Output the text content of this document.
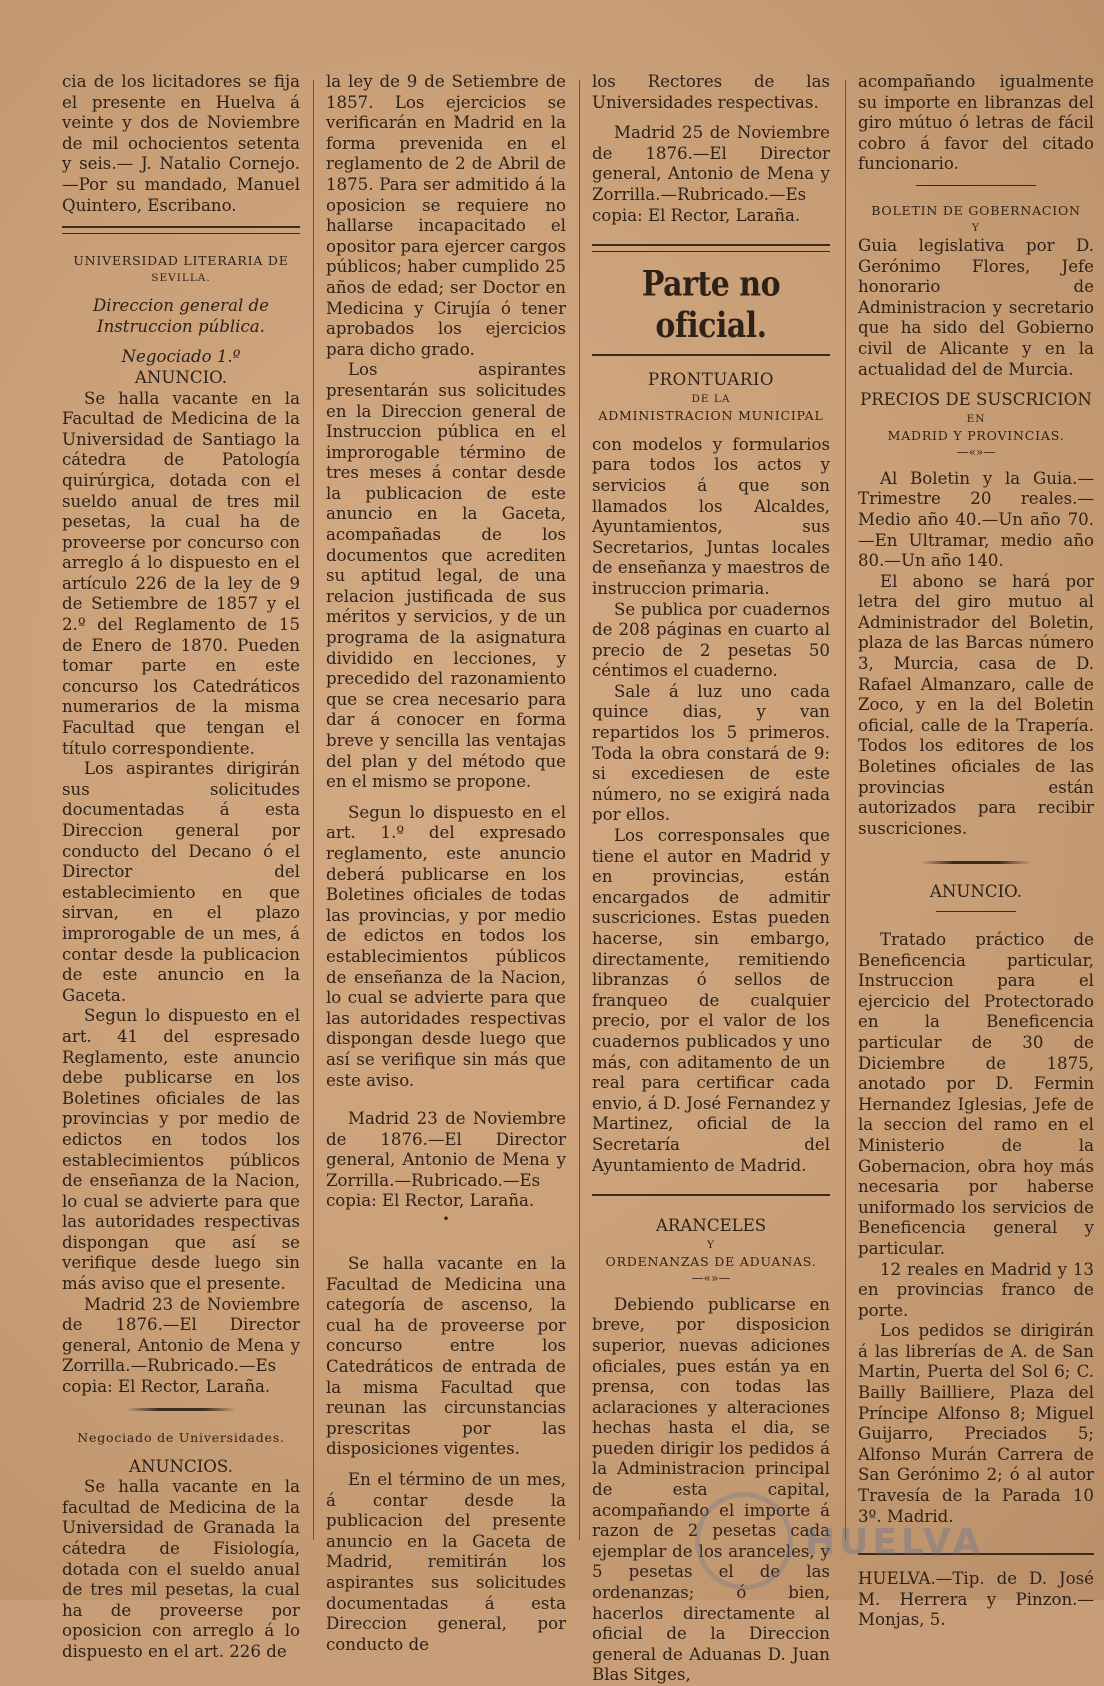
cia de los licitadores se fija el presente en Huelva á veinte y dos de Noviembre de mil ochocientos setenta y seis.— J. Natalio Cornejo.—Por su mandado, Manuel Quintero, Escribano.

UNIVERSIDAD LITERARIA DE

SEVILLA.

Direccion general de Instruccion pública.

Negociado 1.º

ANUNCIO.

Se halla vacante en la Facultad de Medicina de la Universidad de Santiago la cátedra de Patología quirúrgica, dotada con el sueldo anual de tres mil pesetas, la cual ha de proveerse por concurso con arreglo á lo dispuesto en el artículo 226 de la ley de 9 de Setiembre de 1857 y el 2.º del Reglamento de 15 de Enero de 1870. Pueden tomar parte en este concurso los Catedráticos numerarios de la misma Facultad que tengan el título correspondiente.

Los aspirantes dirigirán sus solicitudes documentadas á esta Direccion general por conducto del Decano ó el Director del establecimiento en que sirvan, en el plazo improrogable de un mes, á contar desde la publicacion de este anuncio en la Gaceta.

Segun lo dispuesto en el art. 41 del espresado Reglamento, este anuncio debe publicarse en los Boletines oficiales de las provincias y por medio de edictos en todos los establecimientos públicos de enseñanza de la Nacion, lo cual se advierte para que las autoridades respectivas dispongan que así se verifique desde luego sin más aviso que el presente.

Madrid 23 de Noviembre de 1876.—El Director general, Antonio de Mena y Zorrilla.—Rubricado.—Es copia: El Rector, Laraña.

Negociado de Universidades.

ANUNCIOS.

Se halla vacante en la facultad de Medicina de la Universidad de Granada la cátedra de Fisiología, dotada con el sueldo anual de tres mil pesetas, la cual ha de proveerse por oposicion con arreglo á lo dispuesto en el art. 226 de

la ley de 9 de Setiembre de 1857. Los ejercicios se verificarán en Madrid en la forma prevenida en el reglamento de 2 de Abril de 1875. Para ser admitido á la oposicion se requiere no hallarse incapacitado el opositor para ejercer cargos públicos; haber cumplido 25 años de edad; ser Doctor en Medicina y Cirujía ó tener aprobados los ejercicios para dicho grado.

Los aspirantes presentarán sus solicitudes en la Direccion general de Instruccion pública en el improrogable término de tres meses á contar desde la publicacion de este anuncio en la Gaceta, acompañadas de los documentos que acrediten su aptitud legal, de una relacion justificada de sus méritos y servicios, y de un programa de la asignatura dividido en lecciones, y precedido del razonamiento que se crea necesario para dar á conocer en forma breve y sencilla las ventajas del plan y del método que en el mismo se propone.

Segun lo dispuesto en el art. 1.º del expresado reglamento, este anuncio deberá publicarse en los Boletines oficiales de todas las provincias, y por medio de edictos en todos los establecimientos públicos de enseñanza de la Nacion, lo cual se advierte para que las autoridades respectivas dispongan desde luego que así se verifique sin más que este aviso.

Madrid 23 de Noviembre de 1876.—El Director general, Antonio de Mena y Zorrilla.—Rubricado.—Es copia: El Rector, Laraña.

•

Se halla vacante en la Facultad de Medicina una categoría de ascenso, la cual ha de proveerse por concurso entre los Catedráticos de entrada de la misma Facultad que reunan las circunstancias prescritas por las disposiciones vigentes.

En el término de un mes, á contar desde la publicacion del presente anuncio en la Gaceta de Madrid, remitirán los aspirantes sus solicitudes documentadas á esta Direccion general, por conducto de

los Rectores de las Universidades respectivas.

Madrid 25 de Noviembre de 1876.—El Director general, Antonio de Mena y Zorrilla.—Rubricado.—Es copia: El Rector, Laraña.

Parte no oficial.

PRONTUARIO

DE LA

ADMINISTRACION MUNICIPAL

con modelos y formularios para todos los actos y servicios á que son llamados los Alcaldes, Ayuntamientos, sus Secretarios, Juntas locales de enseñanza y maestros de instruccion primaria.

Se publica por cuadernos de 208 páginas en cuarto al precio de 2 pesetas 50 céntimos el cuaderno.

Sale á luz uno cada quince dias, y van repartidos los 5 primeros. Toda la obra constará de 9: si excediesen de este número, no se exigirá nada por ellos.

Los corresponsales que tiene el autor en Madrid y en provincias, están encargados de admitir suscriciones. Estas pueden hacerse, sin embargo, directamente, remitiendo libranzas ó sellos de franqueo de cualquier precio, por el valor de los cuadernos publicados y uno más, con aditamento de un real para certificar cada envio, á D. José Fernandez y Martinez, oficial de la Secretaría del Ayuntamiento de Madrid.

ARANCELES

Y

ORDENANZAS DE ADUANAS.

—«»—

Debiendo publicarse en breve, por disposicion superior, nuevas adiciones oficiales, pues están ya en prensa, con todas las aclaraciones y alteraciones hechas hasta el dia, se pueden dirigir los pedidos á la Administracion principal de esta capital, acompañando el importe á razon de 2 pesetas cada ejemplar de los aranceles, y 5 pesetas el de las ordenanzas; ó bien, hacerlos directamente al oficial de la Direccion general de Aduanas D. Juan Blas Sitges,

acompañando igualmente su importe en libranzas del giro mútuo ó letras de fácil cobro á favor del citado funcionario.

BOLETIN DE GOBERNACION

Y

Guia legislativa por D. Gerónimo Flores, Jefe honorario de Administracion y secretario que ha sido del Gobierno civil de Alicante y en la actualidad del de Murcia.

PRECIOS DE SUSCRICION

EN

MADRID Y PROVINCIAS.

—«»—

Al Boletin y la Guia.—Trimestre 20 reales.—Medio año 40.—Un año 70.—En Ultramar, medio año 80.—Un año 140.

El abono se hará por letra del giro mutuo al Administrador del Boletin, plaza de las Barcas número 3, Murcia, casa de D. Rafael Almanzaro, calle de Zoco, y en la del Boletin oficial, calle de la Trapería. Todos los editores de los Boletines oficiales de las provincias están autorizados para recibir suscriciones.

ANUNCIO.

Tratado práctico de Beneficencia particular, Instruccion para el ejercicio del Protectorado en la Beneficencia particular de 30 de Diciembre de 1875, anotado por D. Fermin Hernandez Iglesias, Jefe de la seccion del ramo en el Ministerio de la Gobernacion, obra hoy más necesaria por haberse uniformado los servicios de Beneficencia general y particular.

12 reales en Madrid y 13 en provincias franco de porte.

Los pedidos se dirigirán á las librerías de A. de San Martin, Puerta del Sol 6; C. Bailly Bailliere, Plaza del Príncipe Alfonso 8; Miguel Guijarro, Preciados 5; Alfonso Murán Carrera de San Gerónimo 2; ó al autor Travesía de la Parada 10 3º. Madrid.

HUELVA.—Tip. de D. José M. Herrera y Pinzon.—Monjas, 5.

HUELVA
